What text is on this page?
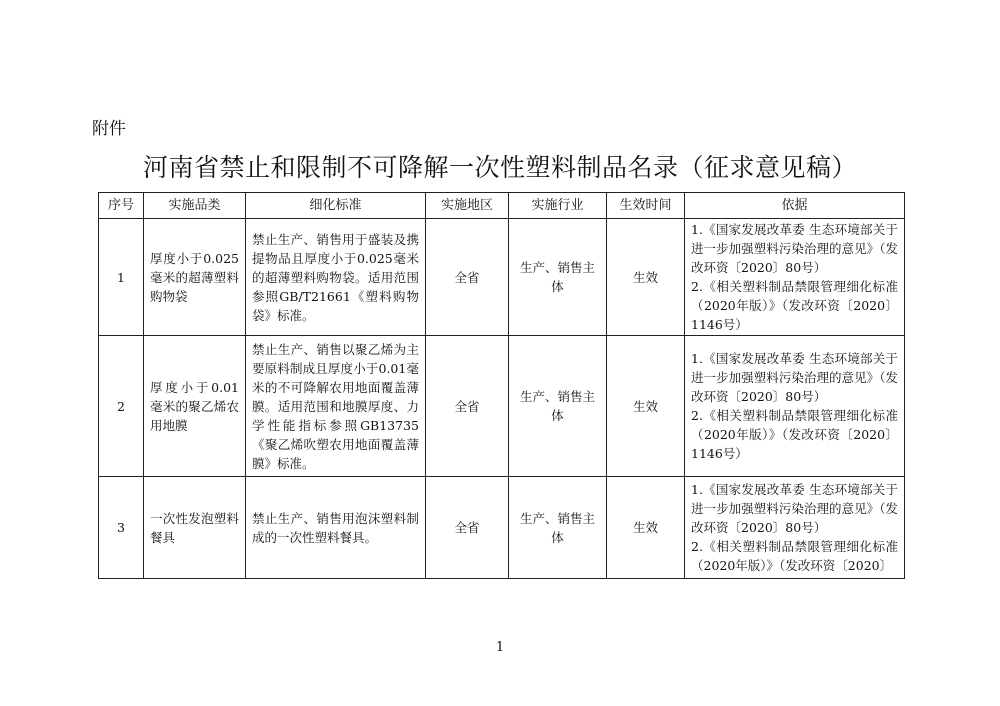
附件
河南省禁止和限制不可降解一次性塑料制品名录（征求意见稿）
序号	实施品类	细化标准	实施地区	实施行业	生效时间	依据
1	厚度小于0.025毫米的超薄塑料购物袋	禁止生产、销售用于盛装及携提物品且厚度小于0.025毫米的超薄塑料购物袋。适用范围参照GB/T21661《塑料购物袋》标准。	全省	生产、销售主体	生效	1.《国家发展改革委 生态环境部关于进一步加强塑料污染治理的意见》（发改环资〔2020〕80号）
2.《相关塑料制品禁限管理细化标准（2020年版）》（发改环资〔2020〕1146号）

2	厚度小于0.01毫米的聚乙烯农用地膜	禁止生产、销售以聚乙烯为主要原料制成且厚度小于0.01毫米的不可降解农用地面覆盖薄膜。适用范围和地膜厚度、力学性能指标参照GB13735《聚乙烯吹塑农用地面覆盖薄膜》标准。	全省	生产、销售主体	生效	1.《国家发展改革委 生态环境部关于进一步加强塑料污染治理的意见》（发改环资〔2020〕80号）
2.《相关塑料制品禁限管理细化标准（2020年版）》（发改环资〔2020〕1146号）

3	一次性发泡塑料餐具	禁止生产、销售用泡沫塑料制成的一次性塑料餐具。	全省	生产、销售主体	生效	1.《国家发展改革委 生态环境部关于进一步加强塑料污染治理的意见》（发改环资〔2020〕80号）
2.《相关塑料制品禁限管理细化标准（2020年版）》（发改环资〔2020〕

1
